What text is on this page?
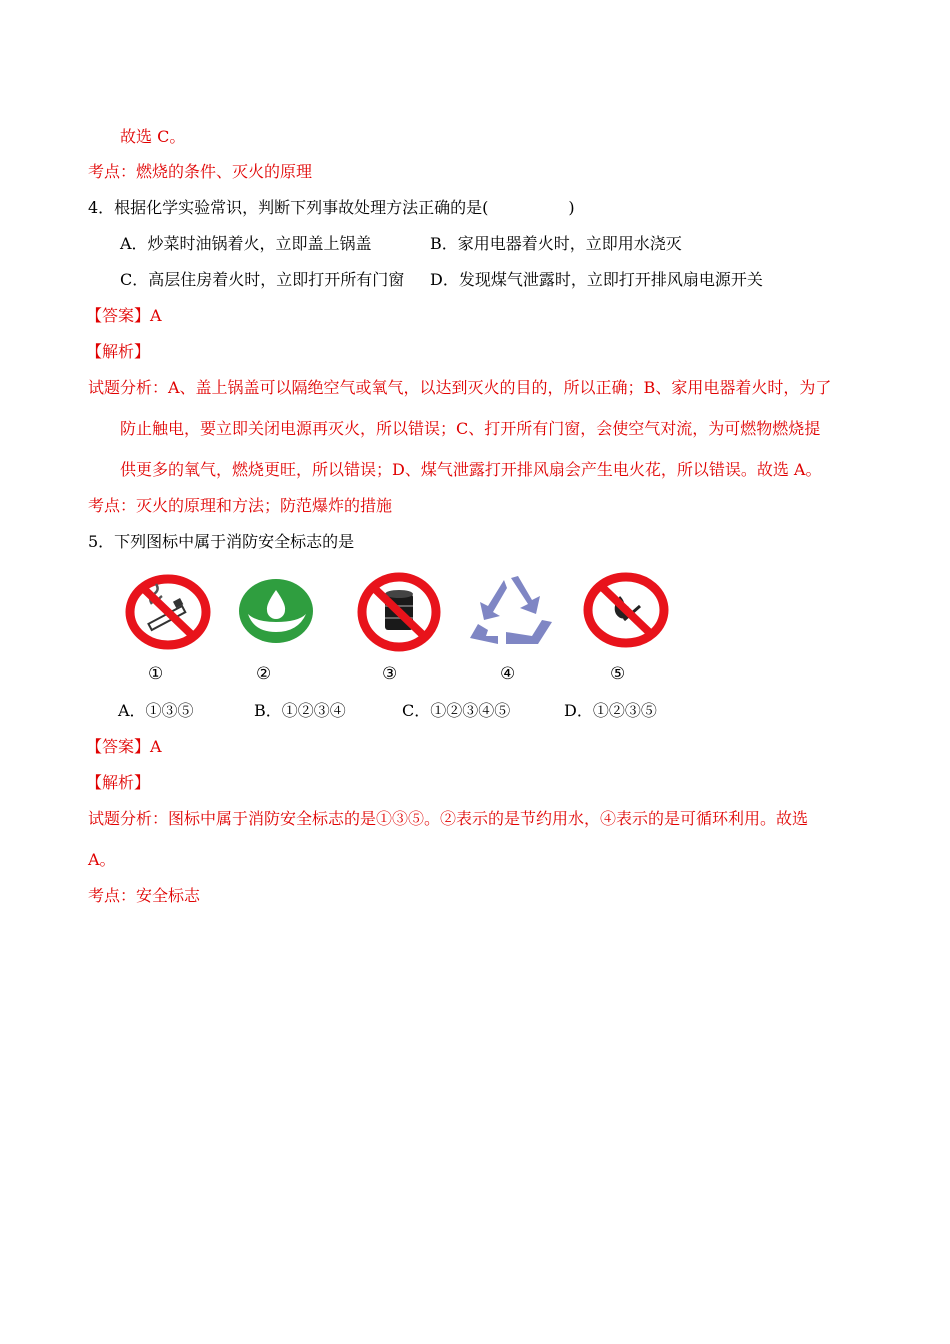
故选 C。
考点：燃烧的条件、灭火的原理
4．根据化学实验常识，判断下列事故处理方法正确的是(　　　　　)
A．炒菜时油锅着火，立即盖上锅盖	B．家用电器着火时，立即用水浇灭
C．高层住房着火时，立即打开所有门窗 D．发现煤气泄露时，立即打开排风扇电源开关
【答案】A
【解析】
试题分析：A、盖上锅盖可以隔绝空气或氧气，以达到灭火的目的，所以正确；B、家用电器着火时，为了
防止触电，要立即关闭电源再灭火，所以错误；C、打开所有门窗，会使空气对流，为可燃物燃烧提
供更多的氧气，燃烧更旺，所以错误；D、煤气泄露打开排风扇会产生电火花，所以错误。故选 A。
考点：灭火的原理和方法；防范爆炸的措施
5．下列图标中属于消防安全标志的是
①	②	③	④	⑤
A．①③⑤	B．①②③④	C．①②③④⑤	D．①②③⑤
【答案】A
【解析】
试题分析：图标中属于消防安全标志的是①③⑤。②表示的是节约用水，④表示的是可循环利用。故选
A。
考点：安全标志
